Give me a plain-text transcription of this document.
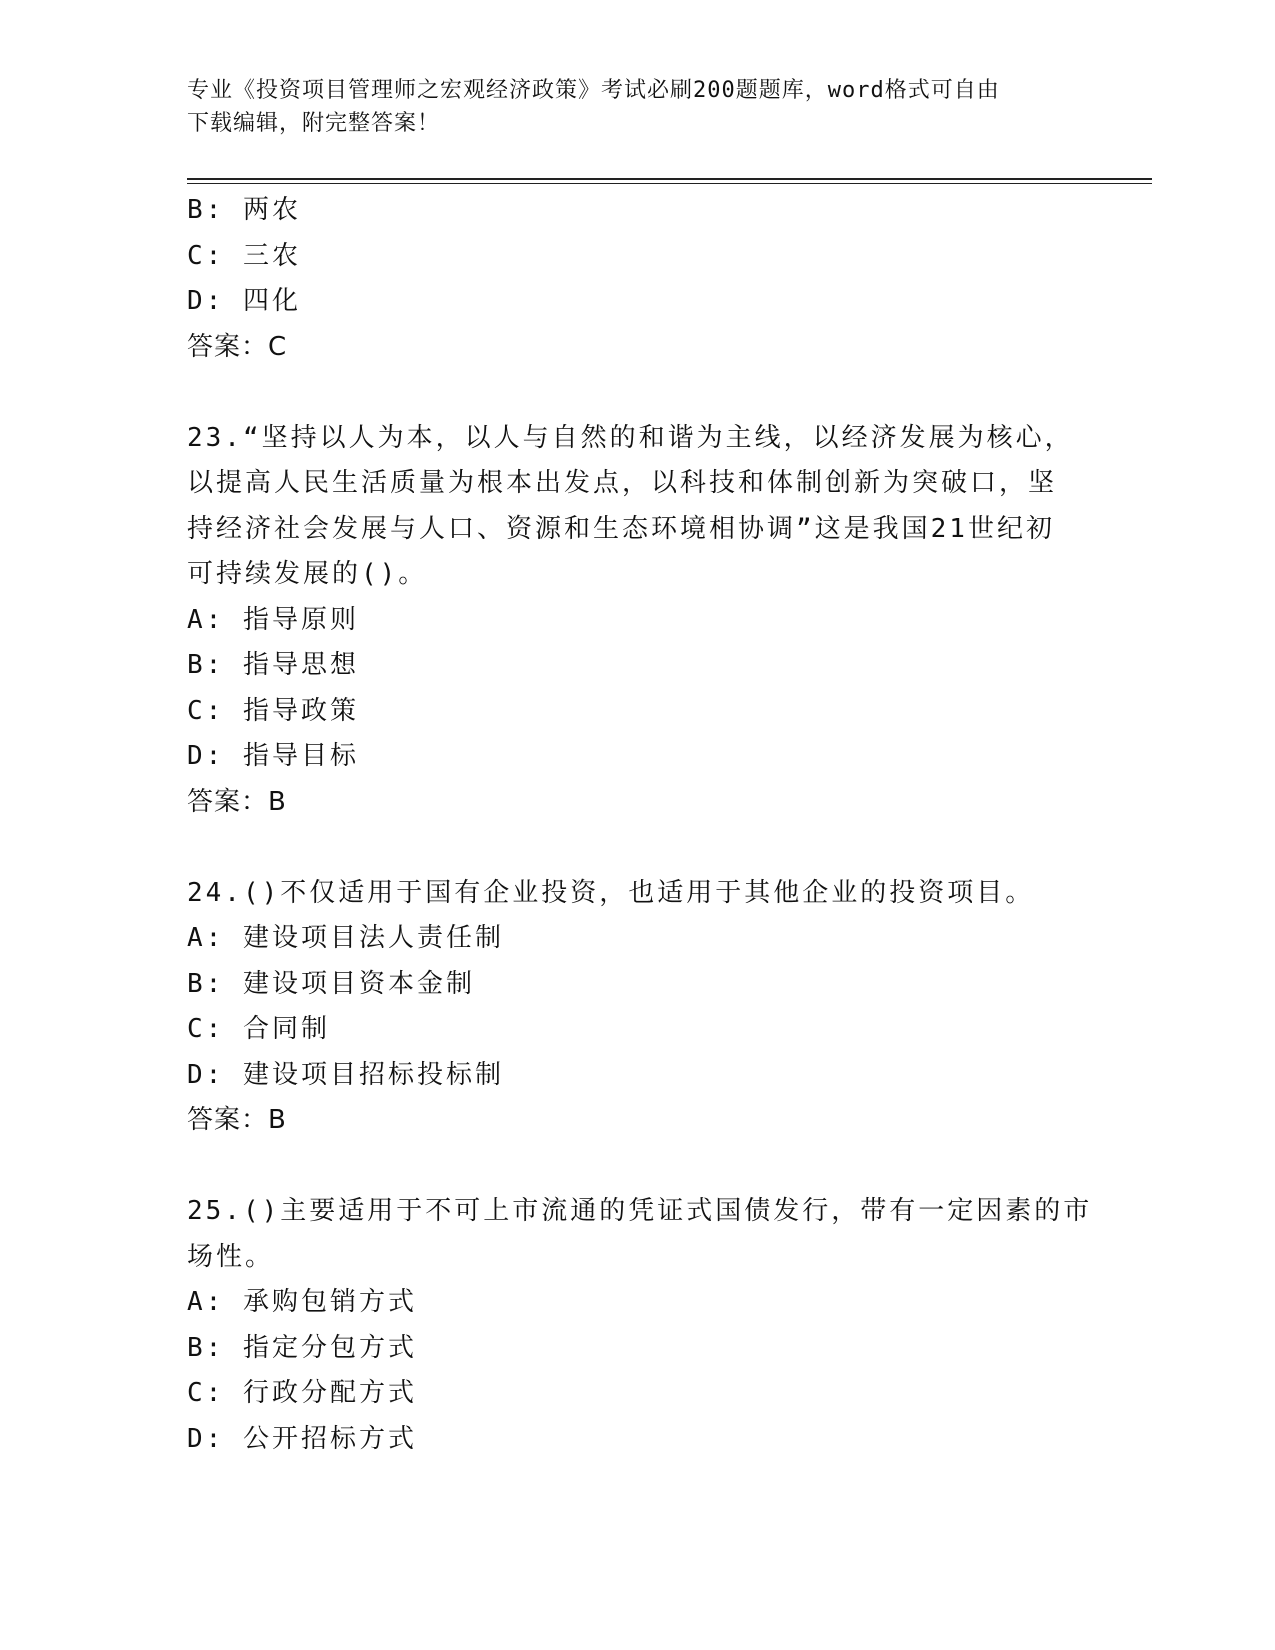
专业《投资项目管理师之宏观经济政策》考试必刷200题题库，word格式可自由
下载编辑，附完整答案！
B: 两农
C: 三农
D: 四化
答案：C
23.“坚持以人为本，以人与自然的和谐为主线，以经济发展为核心，
以提高人民生活质量为根本出发点，以科技和体制创新为突破口，坚
持经济社会发展与人口、资源和生态环境相协调”这是我国21世纪初
可持续发展的()。
A: 指导原则
B: 指导思想
C: 指导政策
D: 指导目标
答案：B
24.()不仅适用于国有企业投资，也适用于其他企业的投资项目。
A: 建设项目法人责任制
B: 建设项目资本金制
C: 合同制
D: 建设项目招标投标制
答案：B
25.()主要适用于不可上市流通的凭证式国债发行，带有一定因素的市
场性。
A: 承购包销方式
B: 指定分包方式
C: 行政分配方式
D: 公开招标方式
